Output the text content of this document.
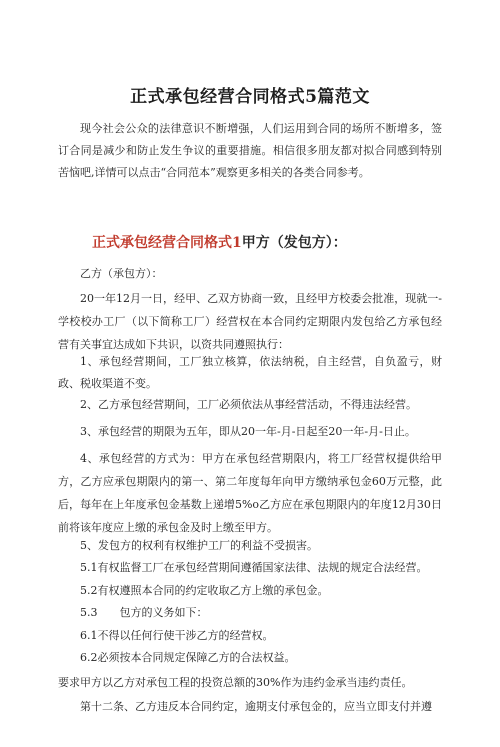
正式承包经营合同格式5篇范文

现今社会公众的法律意识不断增强，人们运用到合同的场所不断增多，签订合同是减少和防止发生争议的重要措施。相信很多朋友都对拟合同感到特别苦恼吧,详情可以点击“合同范本”观察更多相关的各类合同参考。

正式承包经营合同格式1甲方（发包方）：

乙方（承包方）：

20一年12月一日，经甲、乙双方协商一致，且经甲方校委会批准，现就一-学校校办工厂（以下简称工厂）经营权在本合同约定期限内发包给乙方承包经营有关事宜达成如下共识，以资共同遵照执行：

1、承包经营期间，工厂独立核算，依法纳税，自主经营，自负盈亏，财政、税收渠道不变。

2、乙方承包经营期间，工厂必须依法从事经营活动，不得违法经营。

3、承包经营的期限为五年，即从20一年-月-日起至20一年-月-日止。

4、承包经营的方式为：甲方在承包经营期限内，将工厂经营权提供给甲方，乙方应承包期限内的第一、第二年度每年向甲方缴纳承包金60万元整，此后，每年在上年度承包金基数上递增5%o乙方应在承包期限内的年度12月30日前将该年度应上缴的承包金及时上缴至甲方。

5、发包方的权利有权维护工厂的利益不受损害。

5.1有权监督工厂在承包经营期间遵循国家法律、法规的规定合法经营。

5.2有权遵照本合同的约定收取乙方上缴的承包金。

5.3　　包方的义务如下：

6.1不得以任何行使干涉乙方的经营权。

6.2必须按本合同规定保障乙方的合法权益。

要求甲方以乙方对承包工程的投资总额的30%作为违约金承当违约责任。

第十二条、乙方违反本合同约定，逾期支付承包金的，应当立即支付并遵
